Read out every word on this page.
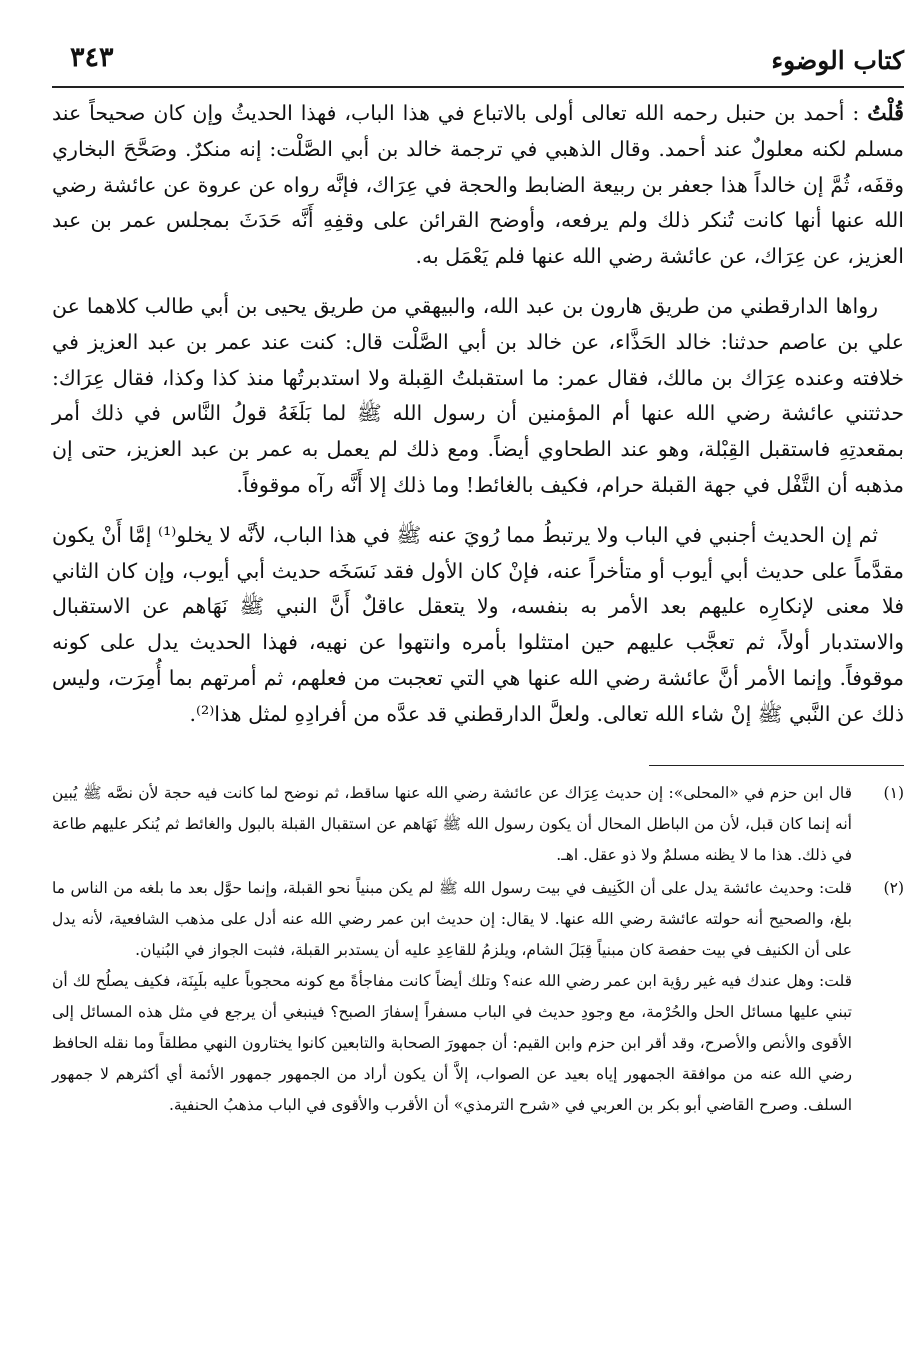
كتاب الوضوء
٣٤٣

قُلْتُ : أحمد بن حنبل رحمه الله تعالى أولى بالاتباع في هذا الباب، فهذا الحديثُ وإن كان صحيحاً عند مسلم لكنه معلولٌ عند أحمد. وقال الذهبي في ترجمة خالد بن أبي الصَّلْت: إنه منكرٌ. وصَحَّحَ البخاري وقفَه، ثُمَّ إن خالداً هذا جعفر بن ربيعة الضابط والحجة في عِرَاك، فإنَّه رواه عن عروة عن عائشة رضي الله عنها أنها كانت تُنكر ذلك ولم يرفعه، وأوضح القرائن على وقفِهِ أَنَّه حَدَثَ بمجلس عمر بن عبد العزيز، عن عِرَاك، عن عائشة رضي الله عنها فلم يَعْمَل به.

رواها الدارقطني من طريق هارون بن عبد الله، والبيهقي من طريق يحيى بن أبي طالب كلاهما عن علي بن عاصم حدثنا: خالد الحَذَّاء، عن خالد بن أبي الصَّلْت قال: كنت عند عمر بن عبد العزيز في خلافته وعنده عِرَاك بن مالك، فقال عمر: ما استقبلتُ القِبلة ولا استدبرتُها منذ كذا وكذا، فقال عِرَاك: حدثتني عائشة رضي الله عنها أم المؤمنين أن رسول الله ﷺ لما بَلَغَهُ قولُ النَّاس في ذلك أمر بمقعدتِهِ فاستقبل القِبْلة، وهو عند الطحاوي أيضاً. ومع ذلك لم يعمل به عمر بن عبد العزيز، حتى إن مذهبه أن التَّفْل في جهة القبلة حرام، فكيف بالغائط! وما ذلك إلا أَنَّه رآه موقوفاً.

ثم إن الحديث أجنبي في الباب ولا يرتبطُ مما رُويَ عنه ﷺ في هذا الباب، لأنَّه لا يخلو⁽¹⁾ إمَّا أَنْ يكون مقدَّماً على حديث أبي أيوب أو متأخراً عنه، فإنْ كان الأول فقد نَسَخَه حديث أبي أيوب، وإن كان الثاني فلا معنى لإنكارِه عليهم بعد الأمر به بنفسه، ولا يتعقل عاقلٌ أَنَّ النبي ﷺ نَهَاهم عن الاستقبال والاستدبار أولاً، ثم تعجَّب عليهم حين امتثلوا بأمره وانتهوا عن نهيه، فهذا الحديث يدل على كونه موقوفاً. وإنما الأمر أنَّ عائشة رضي الله عنها هي التي تعجبت من فعلهم، ثم أمرتهم بما أُمِرَت، وليس ذلك عن النَّبي ﷺ إنْ شاء الله تعالى. ولعلَّ الدارقطني قد عدَّه من أفرادِهِ لمثل هذا⁽²⁾.

(١)

قال ابن حزم في «المحلى»: إن حديث عِرَاك عن عائشة رضي الله عنها ساقط، ثم نوضح لما كانت فيه حجة لأن نصَّه ﷺ يُبين أنه إنما كان قبل، لأن من الباطل المحال أن يكون رسول الله ﷺ نَهَاهم عن استقبال القبلة بالبول والغائط ثم يُنكر عليهم طاعة في ذلك. هذا ما لا يظنه مسلمٌ ولا ذو عقل. اهـ.

(٢)

قلت: وحديث عائشة يدل على أن الكَنِيف في بيت رسول الله ﷺ لم يكن مبنياً نحو القبلة، وإنما حوَّل بعد ما بلغه من الناس ما بلغ، والصحيح أنه حولته عائشة رضي الله عنها. لا يقال: إن حديث ابن عمر رضي الله عنه أدل على مذهب الشافعية، لأنه يدل على أن الكنيف في بيت حفصة كان مبنياً قِبَلَ الشام، ويلزمُ للقاعِدِ عليه أن يستدبر القبلة، فثبت الجواز في البُنيان.

قلت: وهل عندك فيه غير رؤية ابن عمر رضي الله عنه؟ وتلك أيضاً كانت مفاجأةً مع كونه محجوباً عليه بلَبِنَة، فكيف يصلُح لك أن تبني عليها مسائل الحل والحُرْمة، مع وجودِ حديث في الباب مسفراً إسفارَ الصبح؟ فينبغي أن يرجع في مثل هذه المسائل إلى الأقوى والأنص والأصرح، وقد أقر ابن حزم وابن القيم: أن جمهورَ الصحابة والتابعين كانوا يختارون النهي مطلقاً وما نقله الحافظ رضي الله عنه من موافقة الجمهور إياه بعيد عن الصواب، إلاَّ أن يكون أراد من الجمهور جمهور الأئمة أي أكثرهم لا جمهور السلف. وصرح القاضي أبو بكر بن العربي في «شرح الترمذي» أن الأقرب والأقوى في الباب مذهبُ الحنفية.
